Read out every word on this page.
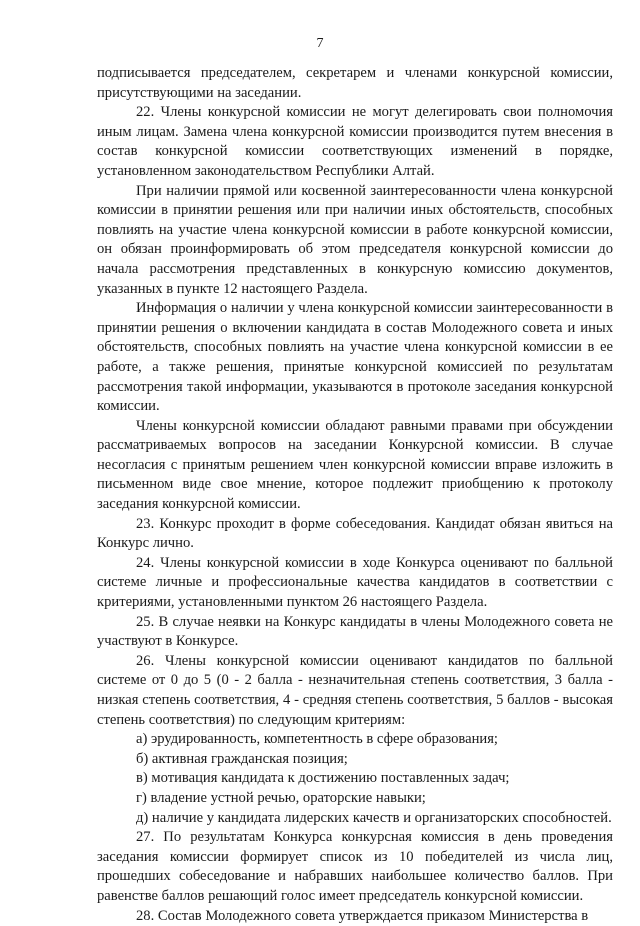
7

подписывается председателем, секретарем и членами конкурсной комиссии, присутствующими на заседании.

22. Члены конкурсной комиссии не могут делегировать свои полномочия иным лицам. Замена члена конкурсной комиссии производится путем внесения в состав конкурсной комиссии соответствующих изменений в порядке, установленном законодательством Республики Алтай.

При наличии прямой или косвенной заинтересованности члена конкурсной комиссии в принятии решения или при наличии иных обстоятельств, способных повлиять на участие члена конкурсной комиссии в работе конкурсной комиссии, он обязан проинформировать об этом председателя конкурсной комиссии до начала рассмотрения представленных в конкурсную комиссию документов, указанных в пункте 12 настоящего Раздела.

Информация о наличии у члена конкурсной комиссии заинтересованности в принятии решения о включении кандидата в состав Молодежного совета и иных обстоятельств, способных повлиять на участие члена конкурсной комиссии в ее работе, а также решения, принятые конкурсной комиссией по результатам рассмотрения такой информации, указываются в протоколе заседания конкурсной комиссии.

Члены конкурсной комиссии обладают равными правами при обсуждении рассматриваемых вопросов на заседании Конкурсной комиссии. В случае несогласия с принятым решением член конкурсной комиссии вправе изложить в письменном виде свое мнение, которое подлежит приобщению к протоколу заседания конкурсной комиссии.

23. Конкурс проходит в форме собеседования. Кандидат обязан явиться на Конкурс лично.

24. Члены конкурсной комиссии в ходе Конкурса оценивают по балльной системе личные и профессиональные качества кандидатов в соответствии с критериями, установленными пунктом 26 настоящего Раздела.

25. В случае неявки на Конкурс кандидаты в члены Молодежного совета не участвуют в Конкурсе.

26. Члены конкурсной комиссии оценивают кандидатов по балльной системе от 0 до 5 (0 - 2 балла - незначительная степень соответствия, 3 балла - низкая степень соответствия, 4 - средняя степень соответствия, 5 баллов - высокая степень соответствия) по следующим критериям:

а) эрудированность, компетентность в сфере образования;

б) активная гражданская позиция;

в) мотивация кандидата к достижению поставленных задач;

г) владение устной речью, ораторские навыки;

д) наличие у кандидата лидерских качеств и организаторских способностей.

27. По результатам Конкурса конкурсная комиссия в день проведения заседания комиссии формирует список из 10 победителей из числа лиц, прошедших собеседование и набравших наибольшее количество баллов. При равенстве баллов решающий голос имеет председатель конкурсной комиссии.

28. Состав Молодежного совета утверждается приказом Министерства в
